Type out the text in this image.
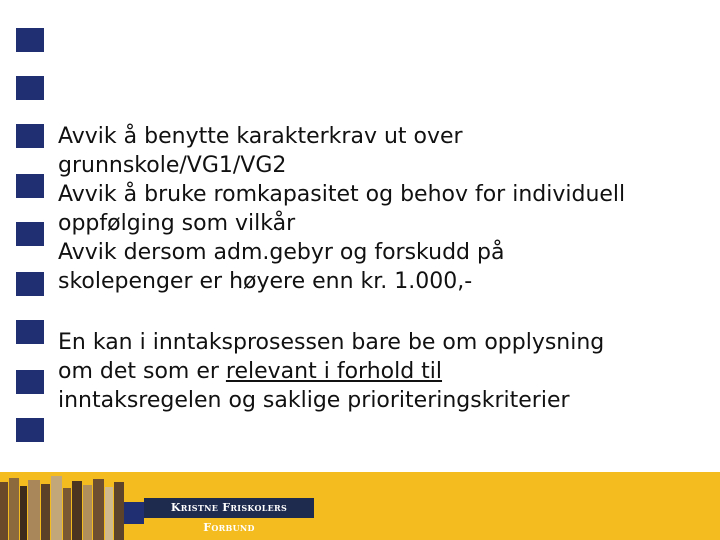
Avvik å benytte karakterkrav ut over
grunnskole/VG1/VG2
Avvik å bruke romkapasitet og behov for individuell
oppfølging som vilkår
Avvik dersom adm.gebyr og forskudd på
skolepenger er høyere enn kr. 1.000,-
En kan i inntaksprosessen bare be om opplysning
om det som er relevant i forhold til
inntaksregelen og saklige prioriteringskriterier
Kristne Friskolers Forbund
